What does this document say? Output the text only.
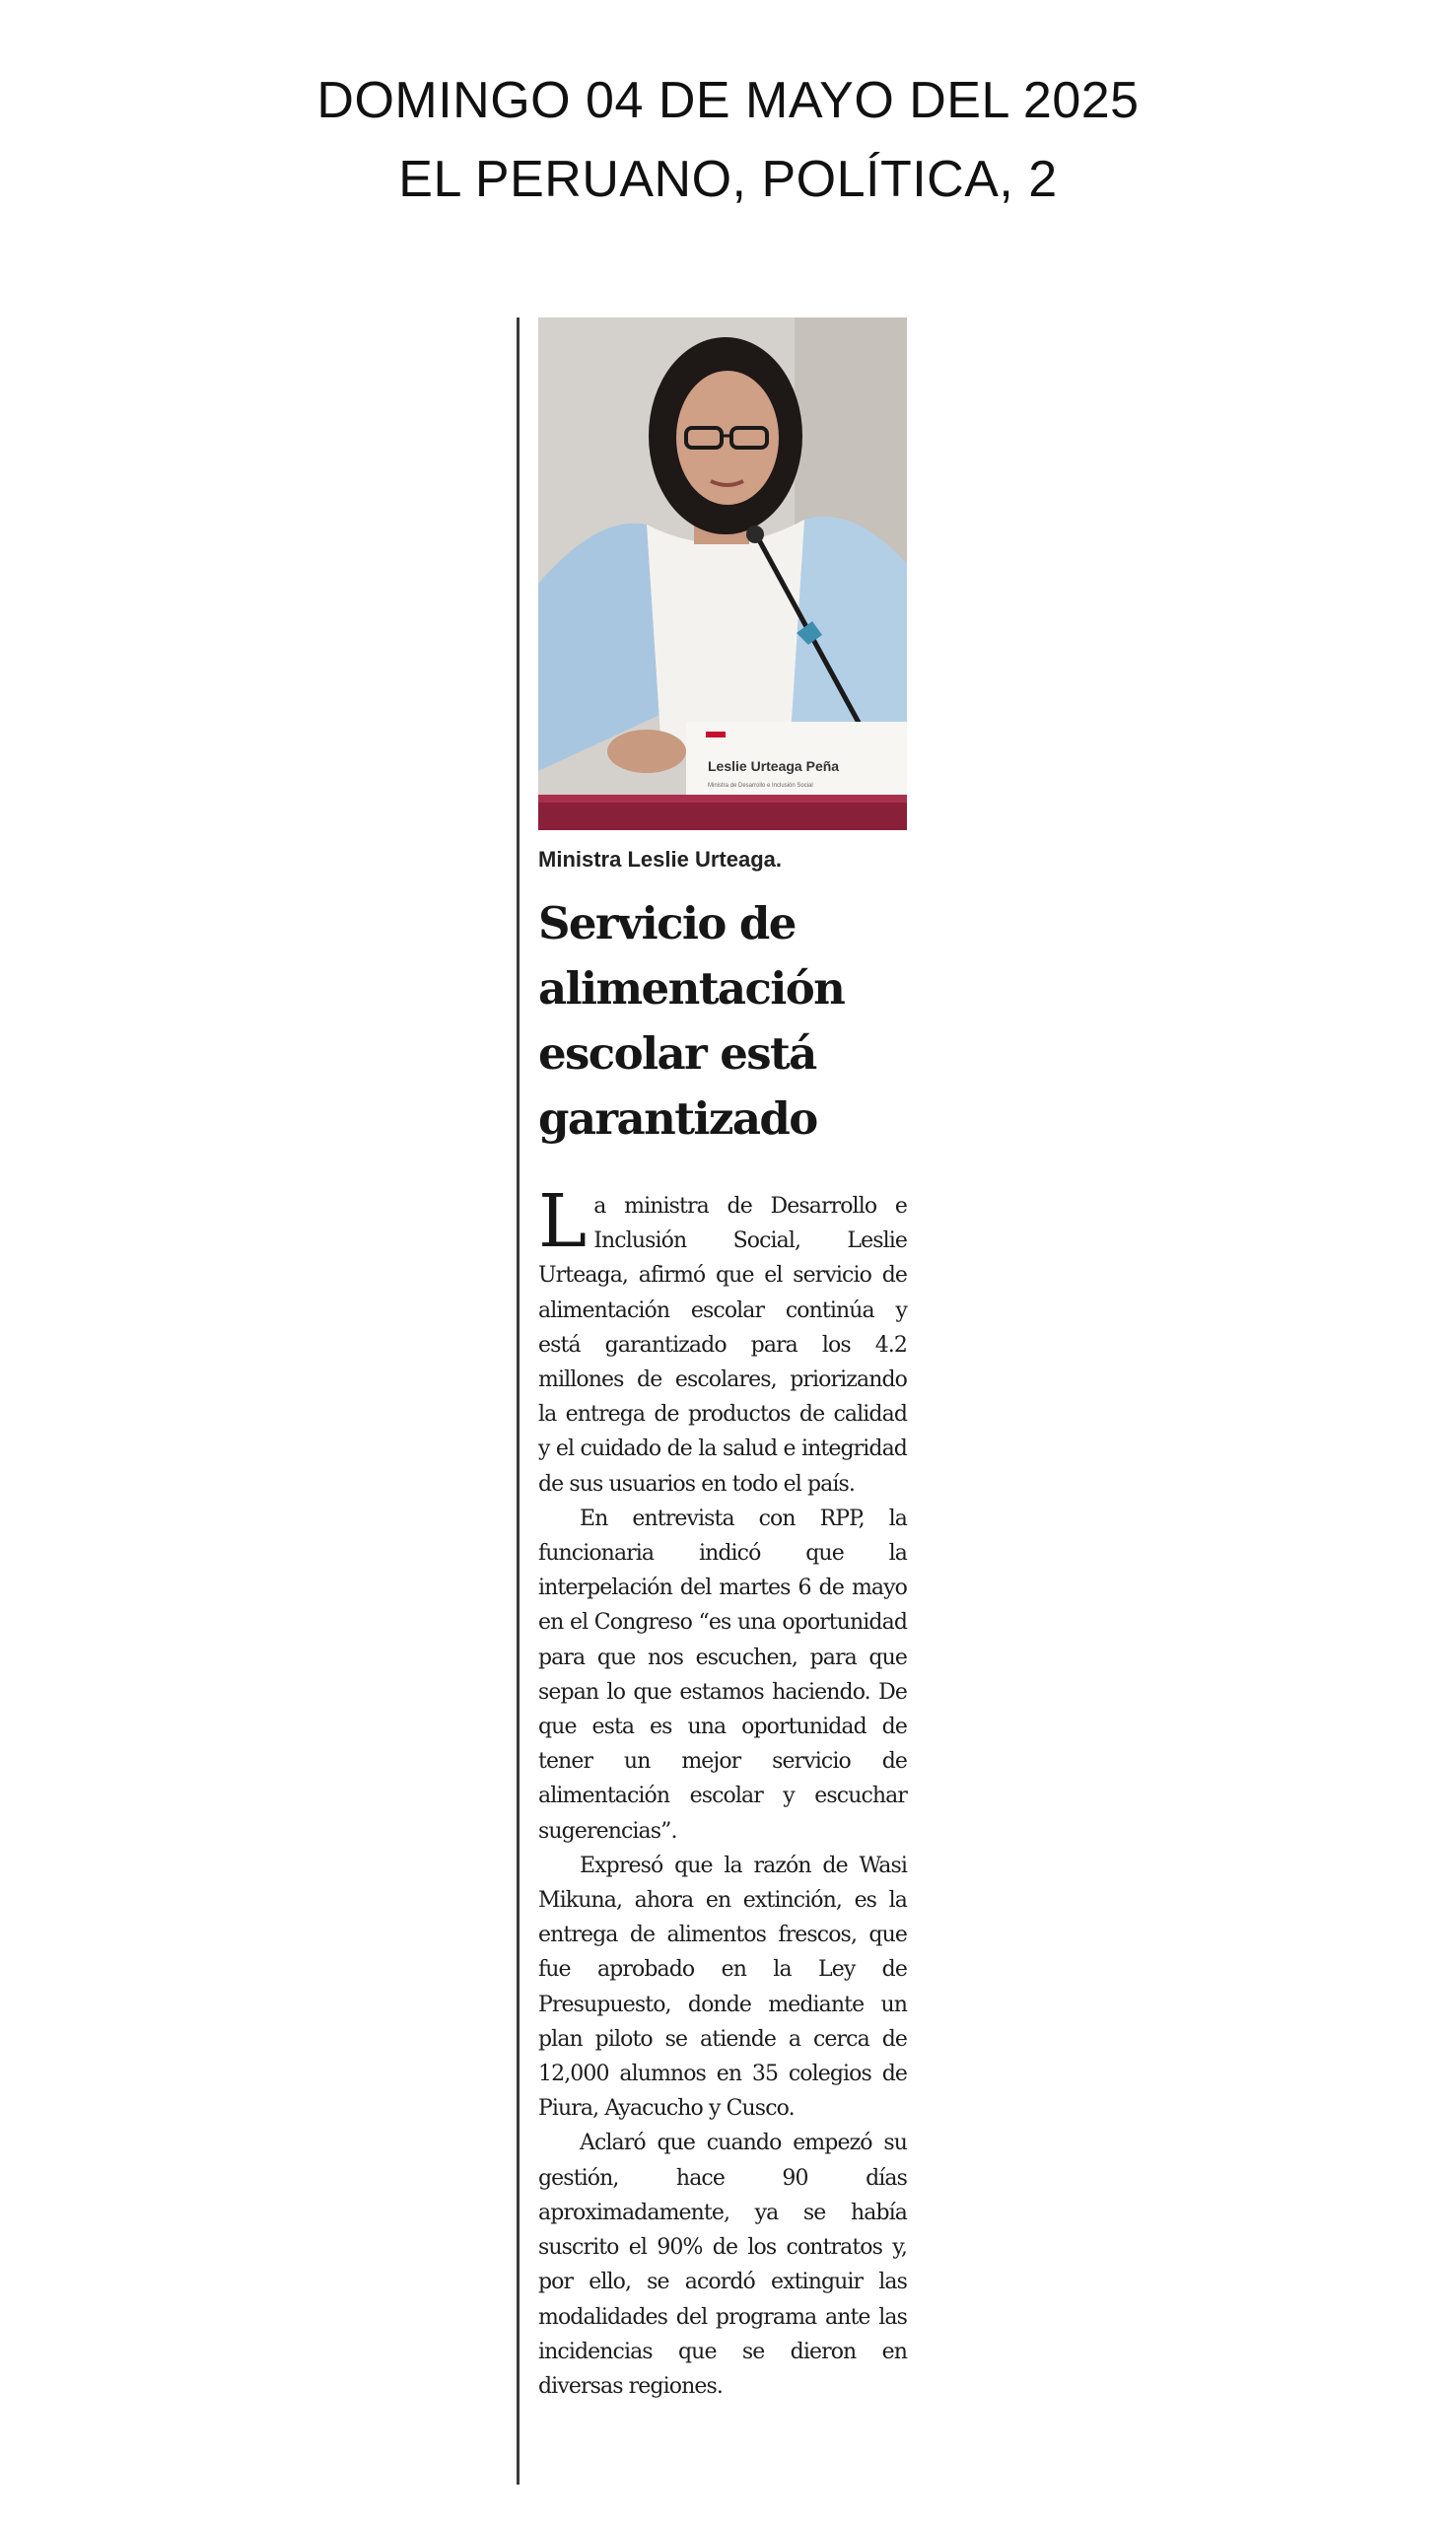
DOMINGO 04 DE MAYO DEL 2025
EL PERUANO, POLÍTICA, 2
Leslie Urteaga Peña
Ministra de Desarrollo e Inclusión Social
Ministra Leslie Urteaga.
Servicio de
alimentación
escolar está
garantizado

La ministra de Desarrollo e Inclusión Social, Leslie Urteaga, afirmó que el servicio de alimentación escolar continúa y está garantizado para los 4.2 millones de escolares, priorizando la entrega de productos de calidad y el cuidado de la salud e integridad de sus usuarios en todo el país.

En entrevista con RPP, la funcionaria indicó que la interpelación del martes 6 de mayo en el Congreso “es una oportunidad para que nos escuchen, para que sepan lo que estamos haciendo. De que esta es una oportunidad de tener un mejor servicio de alimentación escolar y escuchar sugerencias”.

Expresó que la razón de Wasi Mikuna, ahora en extinción, es la entrega de alimentos frescos, que fue aprobado en la Ley de Presupuesto, donde mediante un plan piloto se atiende a cerca de 12,000 alumnos en 35 colegios de Piura, Ayacucho y Cusco.

Aclaró que cuando empezó su gestión, hace 90 días aproximadamente, ya se había suscrito el 90% de los contratos y, por ello, se acordó extinguir las modalidades del programa ante las incidencias que se dieron en diversas regiones.
